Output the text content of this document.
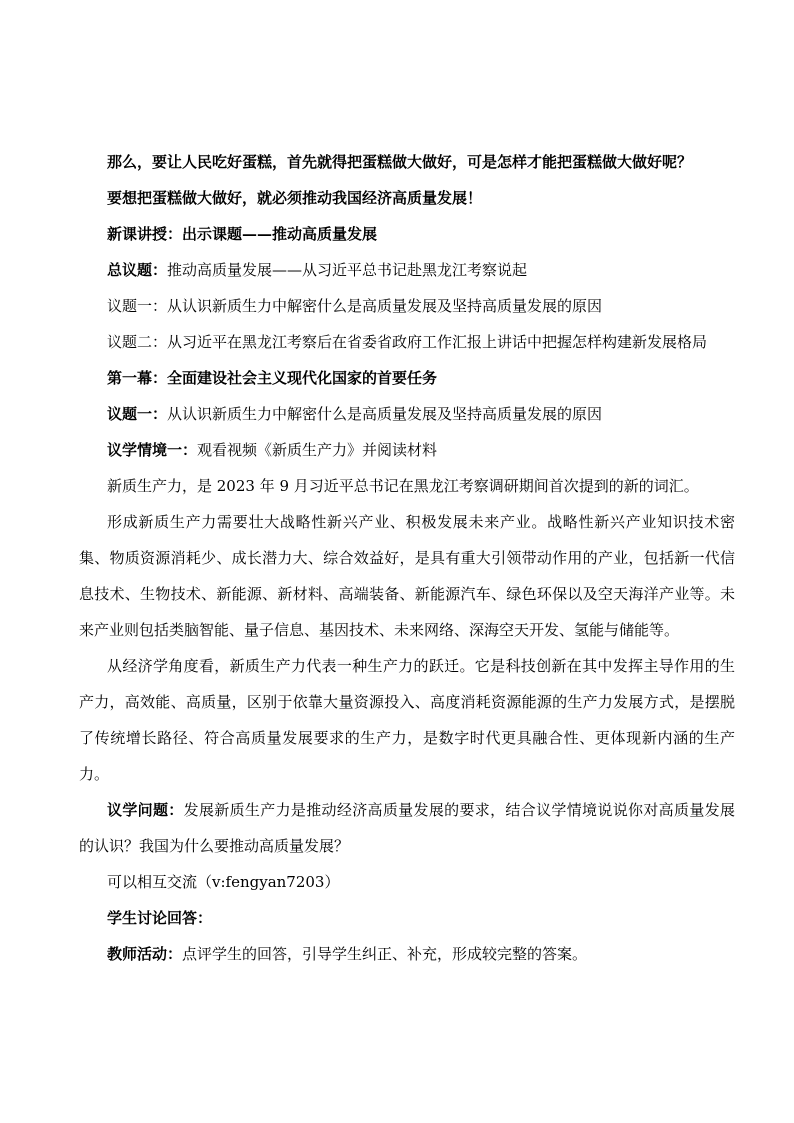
那么，要让人民吃好蛋糕，首先就得把蛋糕做大做好，可是怎样才能把蛋糕做大做好呢？

要想把蛋糕做大做好，就必须推动我国经济高质量发展！

新课讲授：出示课题——推动高质量发展

总议题：推动高质量发展——从习近平总书记赴黑龙江考察说起

议题一：从认识新质生力中解密什么是高质量发展及坚持高质量发展的原因

议题二：从习近平在黑龙江考察后在省委省政府工作汇报上讲话中把握怎样构建新发展格局

第一幕：全面建设社会主义现代化国家的首要任务

议题一：从认识新质生力中解密什么是高质量发展及坚持高质量发展的原因

议学情境一：观看视频《新质生产力》并阅读材料

新质生产力，是 2023 年 9 月习近平总书记在黑龙江考察调研期间首次提到的新的词汇。

形成新质生产力需要壮大战略性新兴产业、积极发展未来产业。战略性新兴产业知识技术密集、物质资源消耗少、成长潜力大、综合效益好，是具有重大引领带动作用的产业，包括新一代信息技术、生物技术、新能源、新材料、高端装备、新能源汽车、绿色环保以及空天海洋产业等。未来产业则包括类脑智能、量子信息、基因技术、未来网络、深海空天开发、氢能与储能等。

从经济学角度看，新质生产力代表一种生产力的跃迁。它是科技创新在其中发挥主导作用的生产力，高效能、高质量，区别于依靠大量资源投入、高度消耗资源能源的生产力发展方式，是摆脱了传统增长路径、符合高质量发展要求的生产力，是数字时代更具融合性、更体现新内涵的生产力。

议学问题：发展新质生产力是推动经济高质量发展的要求，结合议学情境说说你对高质量发展的认识？我国为什么要推动高质量发展？

可以相互交流（v:fengyan7203）

学生讨论回答：

教师活动：点评学生的回答，引导学生纠正、补充，形成较完整的答案。
